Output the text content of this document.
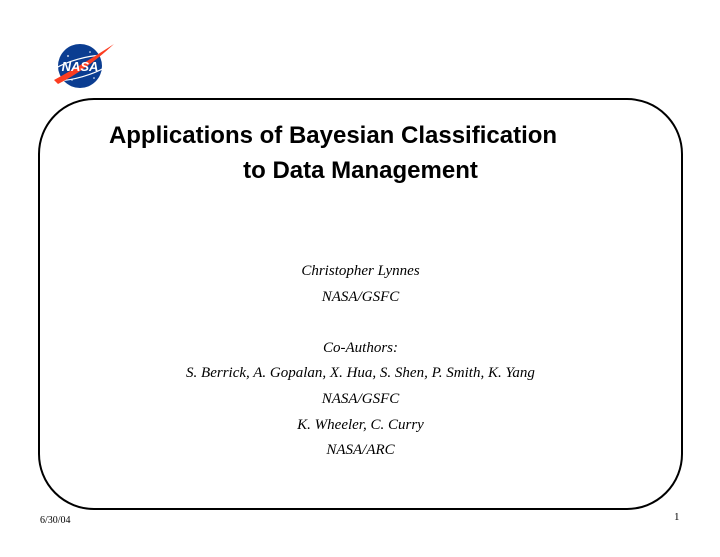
NASA
Applications of Bayesian Classification
to Data Management
Christopher Lynnes
NASA/GSFC
Co-Authors:
S. Berrick, A. Gopalan, X. Hua, S. Shen, P. Smith, K. Yang
NASA/GSFC
K. Wheeler, C. Curry
NASA/ARC
6/30/04	1
